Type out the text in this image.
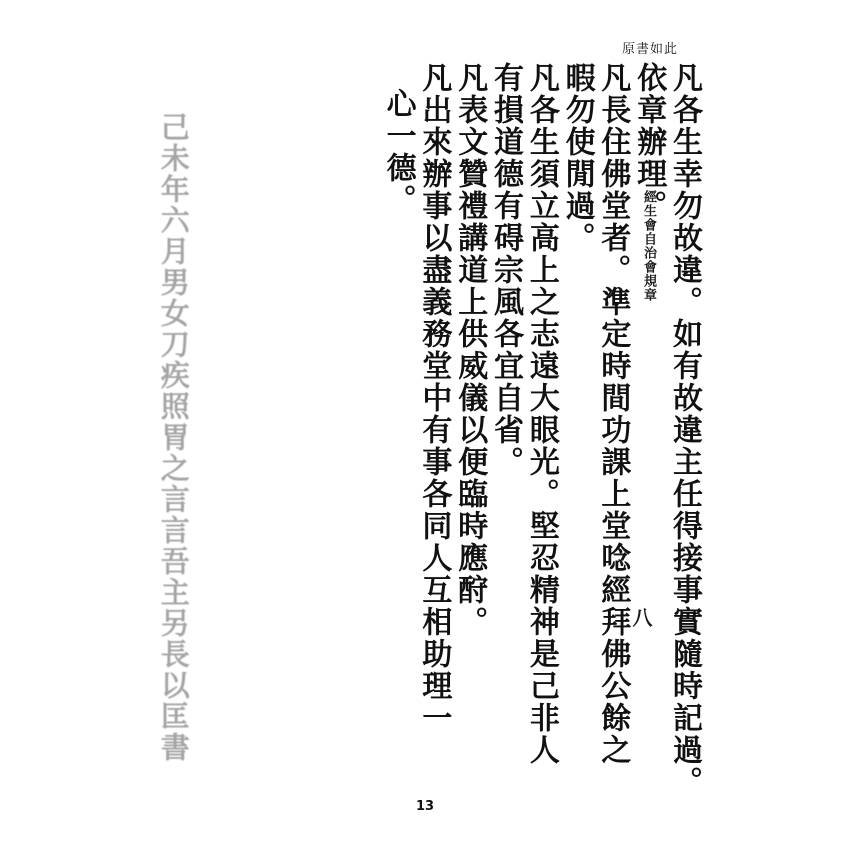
原書如此
凡各生幸勿故違。如有故違主任得接事實隨時記過。
依章辦理。
凡長住佛堂者。準定時間功課上堂唸經拜佛公餘之
暇勿使閒過。
凡各生須立高上之志遠大眼光。堅忍精神是己非人
有損道德有碍宗風各宜自省。
凡表文贊禮講道上供威儀以便臨時應酧。
凡出來辦事以盡義務堂中有事各同人互相助理一
心一德。
經生會自治會規章
八
己未年六月男女刀疾照胃之言言吾主另長以匡書
13
